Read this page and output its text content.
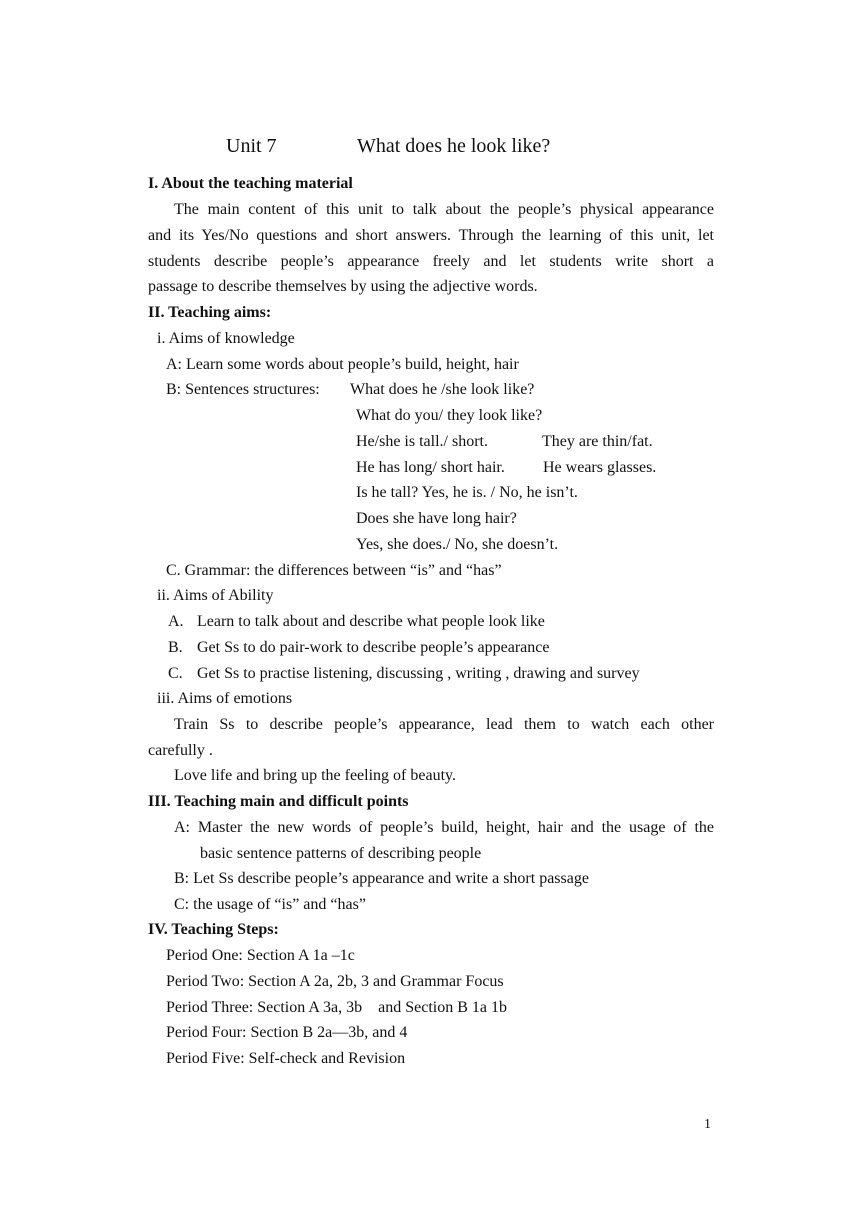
Unit 7	What does he look like?
I. About the teaching material
The main content of this unit to talk about the people’s physical appearance
and its Yes/No questions and short answers. Through the learning of this unit, let
students describe people’s appearance freely and let students write short a
passage to describe themselves by using the adjective words.
II. Teaching aims:
i. Aims of knowledge
A: Learn some words about people’s build, height, hair
B: Sentences structures: What does he /she look like?
What do you/ they look like?
He/she is tall./ short.	They are thin/fat.
He has long/ short hair. He wears glasses.
Is he tall? Yes, he is. / No, he isn’t.
Does she have long hair?
Yes, she does./ No, she doesn’t.
C. Grammar: the differences between “is” and “has”
ii. Aims of Ability
A. Learn to talk about and describe what people look like
B. Get Ss to do pair-work to describe people’s appearance
C. Get Ss to practise listening, discussing , writing , drawing and survey
iii. Aims of emotions
Train Ss to describe people’s appearance, lead them to watch each other
carefully .
Love life and bring up the feeling of beauty.
III. Teaching main and difficult points
A: Master the new words of people’s build, height, hair and the usage of the
basic sentence patterns of describing people
B: Let Ss describe people’s appearance and write a short passage
C: the usage of “is” and “has”
IV. Teaching Steps:
Period One: Section A 1a –1c
Period Two: Section A 2a, 2b, 3 and Grammar Focus
Period Three: Section A 3a, 3b    and Section B 1a 1b
Period Four: Section B 2a—3b, and 4
Period Five: Self-check and Revision
1
